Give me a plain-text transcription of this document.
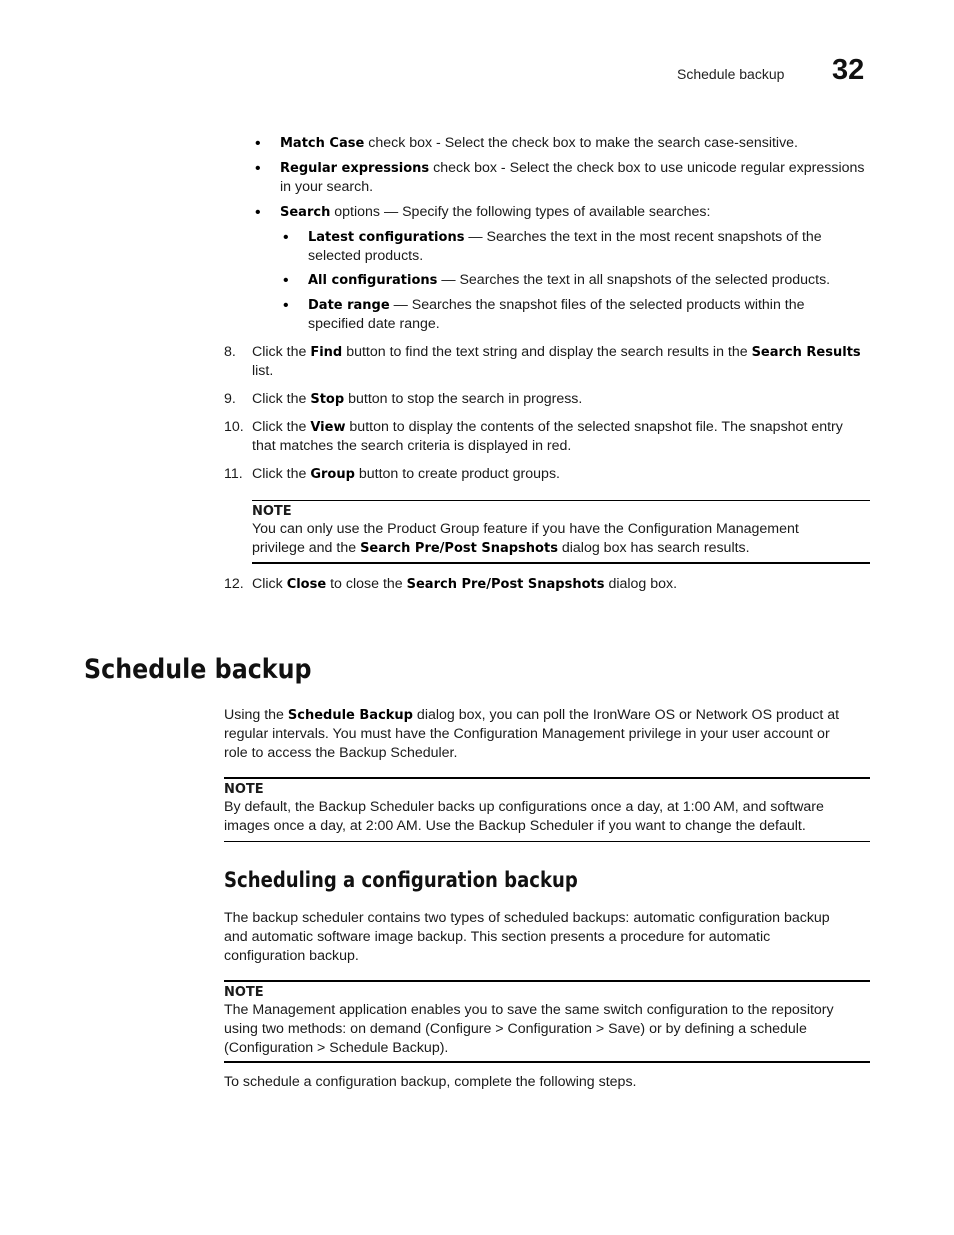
Schedule backup 32
• Match Case check box - Select the check box to make the search case-sensitive.
• Regular expressions check box - Select the check box to use unicode regular expressions
in your search.
• Search options — Specify the following types of available searches:
• Latest configurations — Searches the text in the most recent snapshots of the
selected products.
• All configurations — Searches the text in all snapshots of the selected products.
• Date range — Searches the snapshot files of the selected products within the
specified date range.
8. Click the Find button to find the text string and display the search results in the Search Results
list.
9. Click the Stop button to stop the search in progress.
10. Click the View button to display the contents of the selected snapshot file. The snapshot entry
that matches the search criteria is displayed in red.
11. Click the Group button to create product groups.
NOTE
You can only use the Product Group feature if you have the Configuration Management
privilege and the Search Pre/Post Snapshots dialog box has search results.
12. Click Close to close the Search Pre/Post Snapshots dialog box.
Schedule backup
Using the Schedule Backup dialog box, you can poll the IronWare OS or Network OS product at
regular intervals. You must have the Configuration Management privilege in your user account or
role to access the Backup Scheduler.
NOTE
By default, the Backup Scheduler backs up configurations once a day, at 1:00 AM, and software
images once a day, at 2:00 AM. Use the Backup Scheduler if you want to change the default.
Scheduling a configuration backup
The backup scheduler contains two types of scheduled backups: automatic configuration backup
and automatic software image backup. This section presents a procedure for automatic
configuration backup.
NOTE
The Management application enables you to save the same switch configuration to the repository
using two methods: on demand (Configure > Configuration > Save) or by defining a schedule
(Configuration > Schedule Backup).
To schedule a configuration backup, complete the following steps.
